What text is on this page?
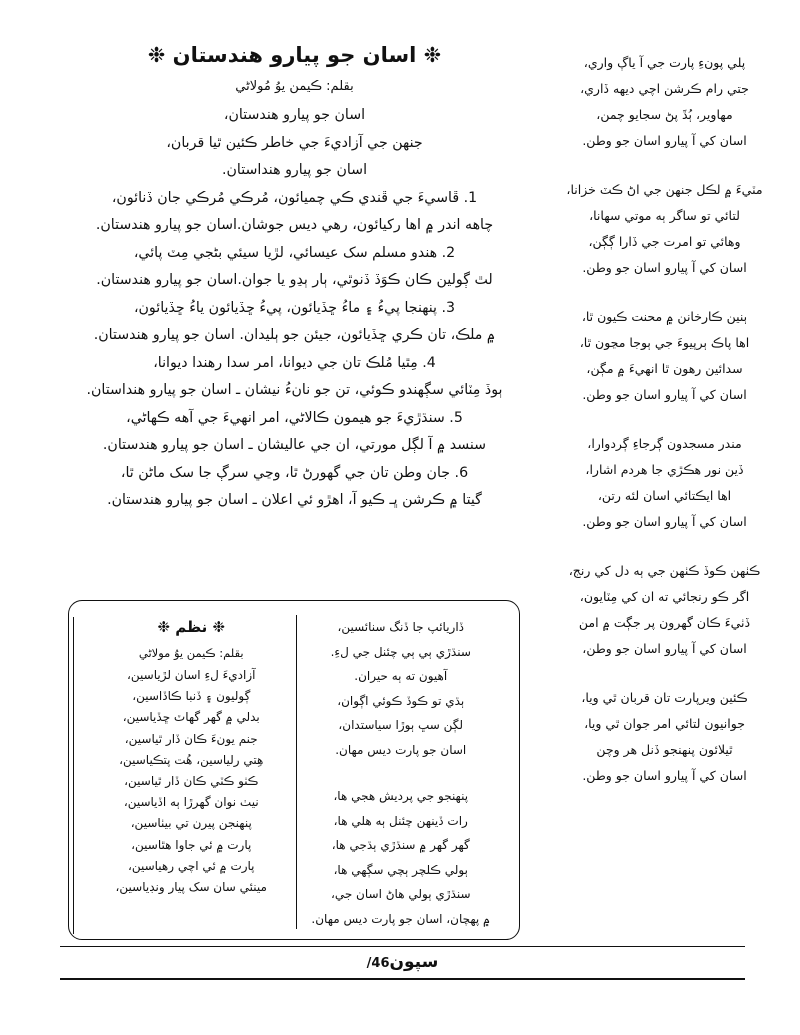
پلي پونءِ پارت جي آ ياڳ واري،
جتي رام ڪرشن اچي ديهه ڏاري،
مهاوير، ٻُڌَ پڻ سجايو چمن،
اسان کي آ پيارو اسان جو وطن.
مٽيءَ ۾ لڪل جنهن جي اڻ ڪٽ خزانا،
لتائي تو ساگر ٻه موتي سهانا،
وهائي تو امرت جي ڏارا ڳڳن،
اسان کي آ پيارو اسان جو وطن.
ٻنين ڪارخانن ۾ محنت ڪيون ٿا،
اها پاڪ ٻرپيوءَ جي ٻوجا مڃون ٿا،
سدائين رهون ٿا انهيءَ ۾ مڳن،
اسان کي آ پيارو اسان جو وطن.
مندر مسجدون ڳرجاءِ ڳردوارا،
ڏين نور هڪڙي جا هردم اشارا،
اها ايڪتائي اسان لئه رتن،
اسان کي آ پيارو اسان جو وطن.
ڪٺهن ڪوڏ ڪٺهن جي ٻه دل کي رنج،
اگر ڪو رنجائي ته ان کي مِٽايون،
ڏٺيءَ ڪان گهرون پر جڳت ۾ امن
اسان کي آ پيارو اسان جو وطن،
ڪئين ويرپارت تان قربان ٿي ويا،
جوانيون لتائي امر جوان ٿي ويا،
ٿيلائون پنهنجو ڏنل هر وچن
اسان کي آ پيارو اسان جو وطن.
❉ اسان جو پيارو هندستان ❉
بقلم: ڪيمن يوُ مُولاڻي
اسان جو پيارو هندستان،
جنهن جي آزاديءَ جي خاطر ڪئين ٿيا قربان،
اسان جو پيارو هنداستان.
1. ڦاسيءَ جي ڦندي ڪي چميائون، مُرڪي مُرڪي جان ڏنائون،
چاهه اندر ۾ اها رکيائون، رهي ديس جوشان.اسان جو پيارو هندستان.
2. هندو مسلم سک عيسائي، لڙيا سيئي بڻجي مِٽ پائي،
لٿ ڳولين ڪان ڪوَڏ ڏنوٿي، ٻار ٻڍو يا جوان.اسان جو پيارو هندستان.
3. پنهنجا پيءُ ۽ ماءُ ڇڏيائون، پيءُ ڇڏيائون ياءُ ڇڏيائون،
۾ ملڪ، تان ڪري ڇڏيائون، جيئن جو ٻليدان. اسان جو پيارو هندستان.
4. مِٿيا مُلڪ تان جي ديوانا، امر سدا رهندا ديوانا،
ٻوڏ مِٽائي سڳهندو ڪوئي، تن جو نانءُ نيشان ـ اسان جو پيارو هنداستان.
5. سنڌڙيءَ جو هيمون ڪالاڻي، امر انهيءَ جي آهه ڪهاڻي،
سنسد ۾ آ لڳل مورتي، ان جي عاليشان ـ اسان جو پيارو هندستان.
6. جان وطن تان جي گهورڻ ٿا، وڃي سرڳ جا سک ماڻن ٿا،
گيتا ۾ ڪرشن ڀـ ڪيو آ، اهڙو ئي اعلان ـ اسان جو پيارو هندستان.
ڏاريائپ جا ڏنگ سنائسين،
سنڌڙي ٻي ٻي چئنل جي لءِ.
آهيون ته ٻه حيران.
ٻڌي تو ڪوڏ ڪوئي اڳوان،
لڳن سڀ ٻوڙا سياستدان،
اسان جو پارت ديس مهان.
پنهنجو جي پرديش هجي ها،
رات ڏينهن چئنل ٻه هلي ها،
گهر گهر ۾ سنڌڙي ٻڌجي ها،
ٻولي ڪلچر ٻچي سڳهي ها،
سنڌڙي ٻولي هاڻ اسان جي،
۾ پهچان، اسان جو پارت ديس مهان.
❉ نظم ❉
بقلم: ڪيمن يوُ مولاڻي
آزاديءَ لءِ اسان لڙياسين،
ڳوليون ۽ ڏنبا ڪاڏاسين،
بدلي ۾ گهر گهاٽ ڇڏياسين،
جنم يونءَ ڪان ڏار ٿياسين،
هِتي رلياسين، هُت پتڪياسين،
ڪٺو ڪٽي ڪان ڏار ٿياسين،
نيٺ نوان گهرڙا ٻه اڏياسين،
پنهنجن پيرن تي بيٺاسين،
پارت ۾ ئي جاوا هٿاسين،
پارت ۾ ئي اچي رهياسين،
مينئي سان سک پيار ونڊياسين،
سپون46/
